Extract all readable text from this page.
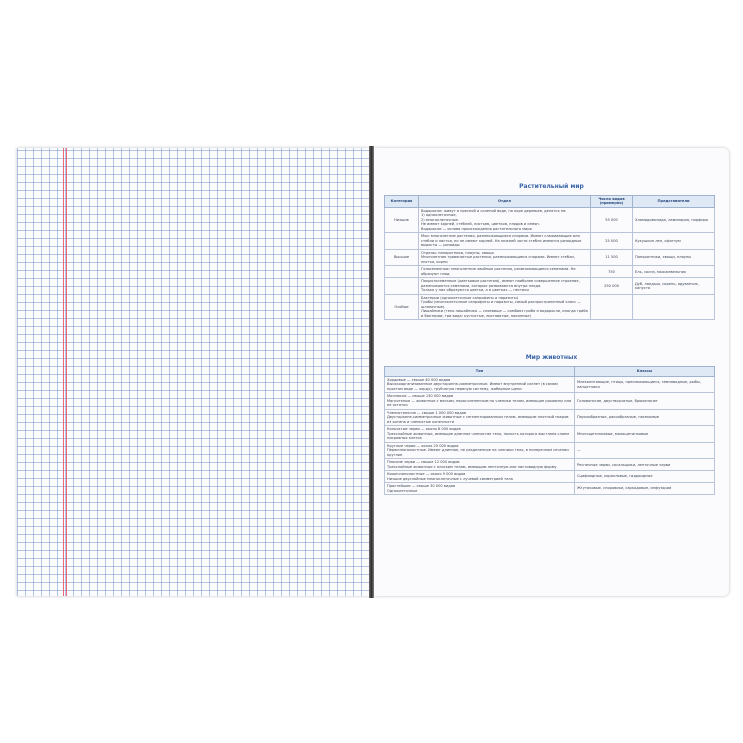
Растительный мир
Категория	Отдел	Число видов (примерно)	Представители
Низшие	Водоросли: живут в пресной и соленой воде, на коре деревьев, делятся на:
1) одноклеточные,
2) многоклеточные.
Не имеют корней, стеблей, листьев, цветков, плодов и семян.
Водоросли — основа происхождения растительного мира	55 000	Хламидомонада, ламинария, порфира
	Мхи: многолетние растения, размножающиеся спорами. Имеют слаживающие или стебли и листья, но не имеют корней. На нижней части стебля имеются ризоидные выросты — ризоиды	25 000	Кукушкин лен, сфагнум
Высшие	Отделы: папоротники, плауны, хвощи
Многолетние травянистые растения, размножающиеся спорами. Имеют стебли, листья, корни	11 500	Папоротники, хвощи, плауны
	Голосеменные: многолетние хвойные растения, размножающиеся семенами. Не образуют плод	750	Ель, сосна, можжевельник
	Покрытосеменные (цветковые растения), имеют наиболее совершенное строение, размножаются семенами, которые развиваются внутри плода.
Только у них образуются цветки, а в цветках — пестики	250 000	Дуб, ландыш, сирень, одуванчик, капуста
Особые	Бактерии (одноклеточные сапрофиты и паразиты)
Грибы (многоклеточные сапрофиты и паразиты, самый распространенный класс — шляпочные).
Лишайники (тело лишайника — слоевище — симбиоз гриба и водоросли, иногда гриба и бактерии; три вида: кустистые, листоватые, накипные)		
Мир животных
Тип	Классы
Хордовые — свыше 40 000 видов
Высокоорганизованные двусторонне-симметричные. Имеют внутренний скелет (в самом простом виде — хорду), трубчатую нервную систему, жаберные щели	Млекопитающие, птицы, пресмыкающиеся, земноводные, рыбы, ланцетники
Моллюски — свыше 130 000 видов
Мягкотелые — животные с мягким, нерасчлененным на членики телом, имеющие раковину или ее остатки	Головоногие, двустворчатые, брюхоногие
Членистоногие — свыше 1 000 000 видов
Двусторонне-симметричные животные с сегментированным телом, имеющим плотный покров из хитина и членистые конечности	Паукообразные, ракообразные, насекомые
Кольчатые черви — около 8 000 видов
Трехслойные животные, имеющие длинное членистое тело, полость которого выстлана слоем покровных клеток	Многощетинковые, малощетинковые
Круглые черви — около 20 000 видов
Первичнополостные. Имеют длинное, не разделенное на членики тело, в поперечном сечении круглое	—
Плоские черви — свыше 12 000 видов
Трехслойные животные с плоским телом, имеющим ленточную или листовидную форму	Ресничные черви, сосальщики, ленточные черви
Кишечнополостные — около 9 000 видов
Низшие двуслойные многоклеточные с лучевой симметрией тела	Сцифоидные, коралловые, гидроидные
Простейшие — свыше 30 000 видов
Одноклеточные	Жгутиковые, споровики, саркодовые, инфузории
